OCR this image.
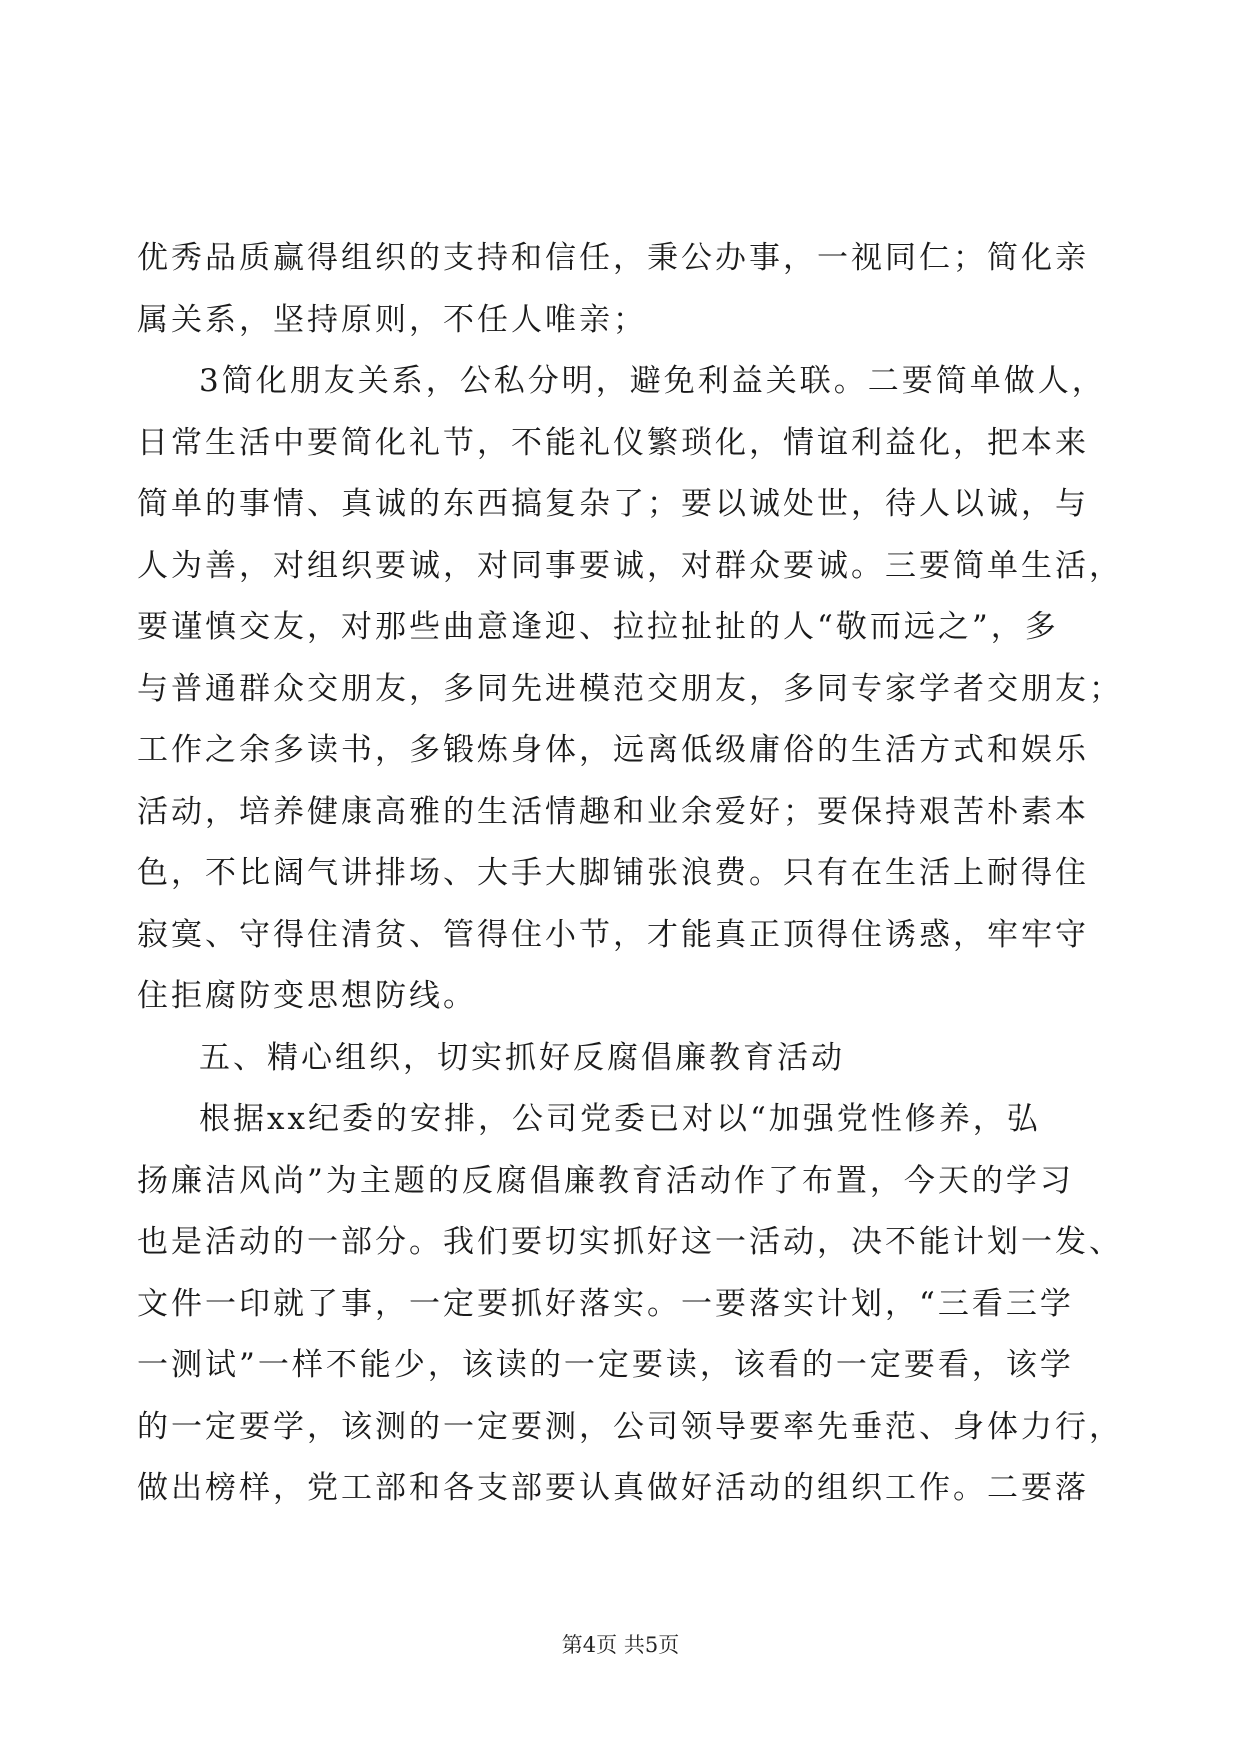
优秀品质赢得组织的支持和信任，秉公办事，一视同仁；简化亲
属关系，坚持原则，不任人唯亲；
3简化朋友关系，公私分明，避免利益关联。二要简单做人，
日常生活中要简化礼节，不能礼仪繁琐化，情谊利益化，把本来
简单的事情、真诚的东西搞复杂了；要以诚处世，待人以诚，与
人为善，对组织要诚，对同事要诚，对群众要诚。三要简单生活，
要谨慎交友，对那些曲意逢迎、拉拉扯扯的人“敬而远之”，多
与普通群众交朋友，多同先进模范交朋友，多同专家学者交朋友；
工作之余多读书，多锻炼身体，远离低级庸俗的生活方式和娱乐
活动，培养健康高雅的生活情趣和业余爱好；要保持艰苦朴素本
色，不比阔气讲排场、大手大脚铺张浪费。只有在生活上耐得住
寂寞、守得住清贫、管得住小节，才能真正顶得住诱惑，牢牢守
住拒腐防变思想防线。
五、精心组织，切实抓好反腐倡廉教育活动
根据xx纪委的安排，公司党委已对以“加强党性修养，弘
扬廉洁风尚”为主题的反腐倡廉教育活动作了布置，今天的学习
也是活动的一部分。我们要切实抓好这一活动，决不能计划一发、
文件一印就了事，一定要抓好落实。一要落实计划，“三看三学
一测试”一样不能少，该读的一定要读，该看的一定要看，该学
的一定要学，该测的一定要测，公司领导要率先垂范、身体力行，
做出榜样，党工部和各支部要认真做好活动的组织工作。二要落
第4页 共5页
